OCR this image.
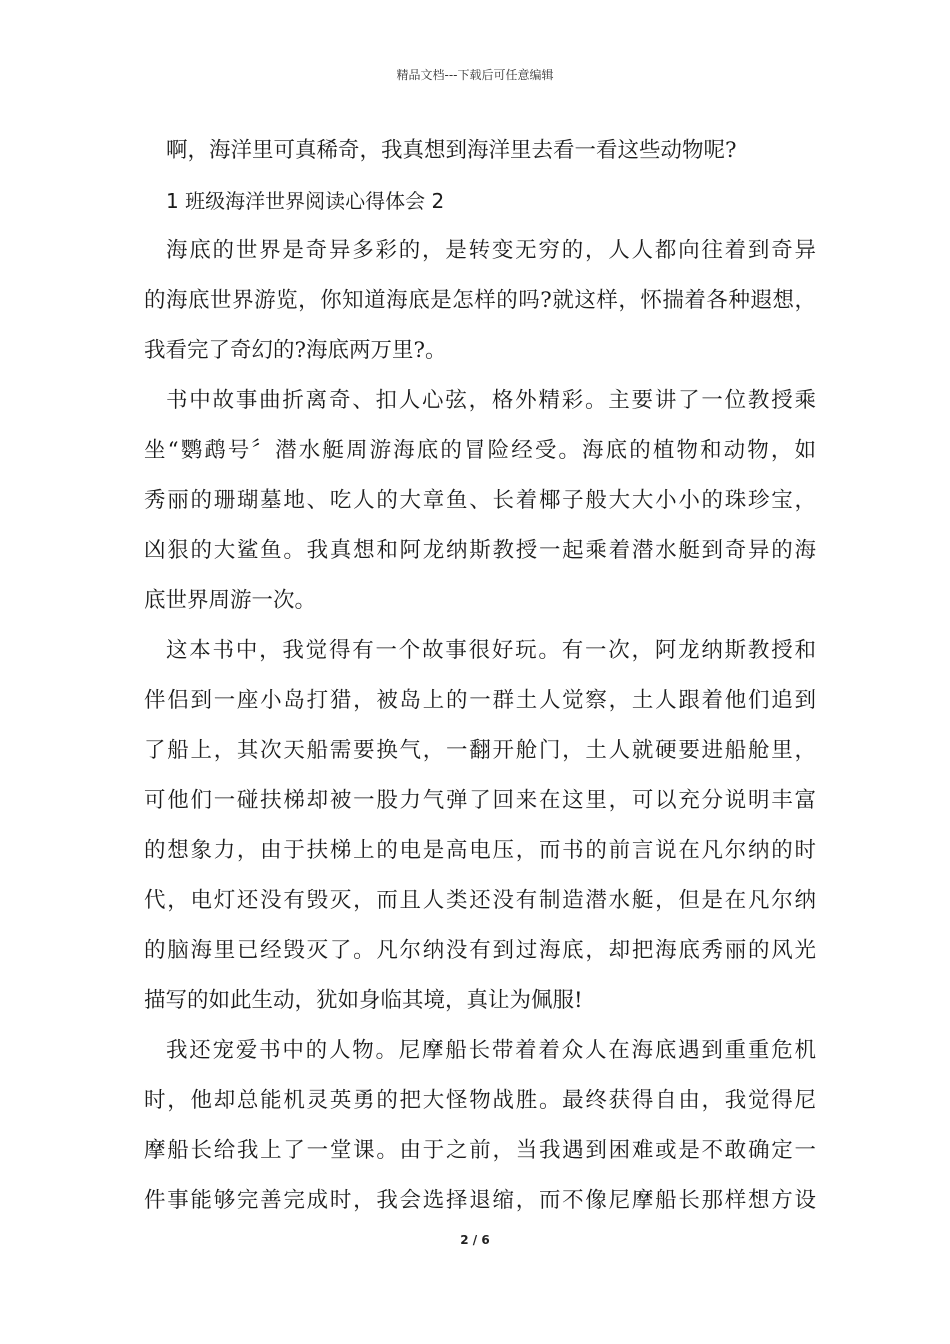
精品文档---下载后可任意编辑
啊，海洋里可真稀奇，我真想到海洋里去看一看这些动物呢?
1 班级海洋世界阅读心得体会 2
海底的世界是奇异多彩的，是转变无穷的，人人都向往着到奇异
的海底世界游览，你知道海底是怎样的吗?就这样，怀揣着各种遐想，
我看完了奇幻的?海底两万里?。
书中故事曲折离奇、扣人心弦，格外精彩。主要讲了一位教授乘
坐“鹦鹉号〞潜水艇周游海底的冒险经受。海底的植物和动物，如
秀丽的珊瑚墓地、吃人的大章鱼、长着椰子般大大小小的珠珍宝，
凶狠的大鲨鱼。我真想和阿龙纳斯教授一起乘着潜水艇到奇异的海
底世界周游一次。
这本书中，我觉得有一个故事很好玩。有一次，阿龙纳斯教授和
伴侣到一座小岛打猎，被岛上的一群土人觉察，土人跟着他们追到
了船上，其次天船需要换气，一翻开舱门，土人就硬要进船舱里，
可他们一碰扶梯却被一股力气弹了回来在这里，可以充分说明丰富
的想象力，由于扶梯上的电是高电压，而书的前言说在凡尔纳的时
代，电灯还没有毁灭，而且人类还没有制造潜水艇，但是在凡尔纳
的脑海里已经毁灭了。凡尔纳没有到过海底，却把海底秀丽的风光
描写的如此生动，犹如身临其境，真让为佩服!
我还宠爱书中的人物。尼摩船长带着着众人在海底遇到重重危机
时，他却总能机灵英勇的把大怪物战胜。最终获得自由，我觉得尼
摩船长给我上了一堂课。由于之前，当我遇到困难或是不敢确定一
件事能够完善完成时，我会选择退缩，而不像尼摩船长那样想方设
2 / 6
